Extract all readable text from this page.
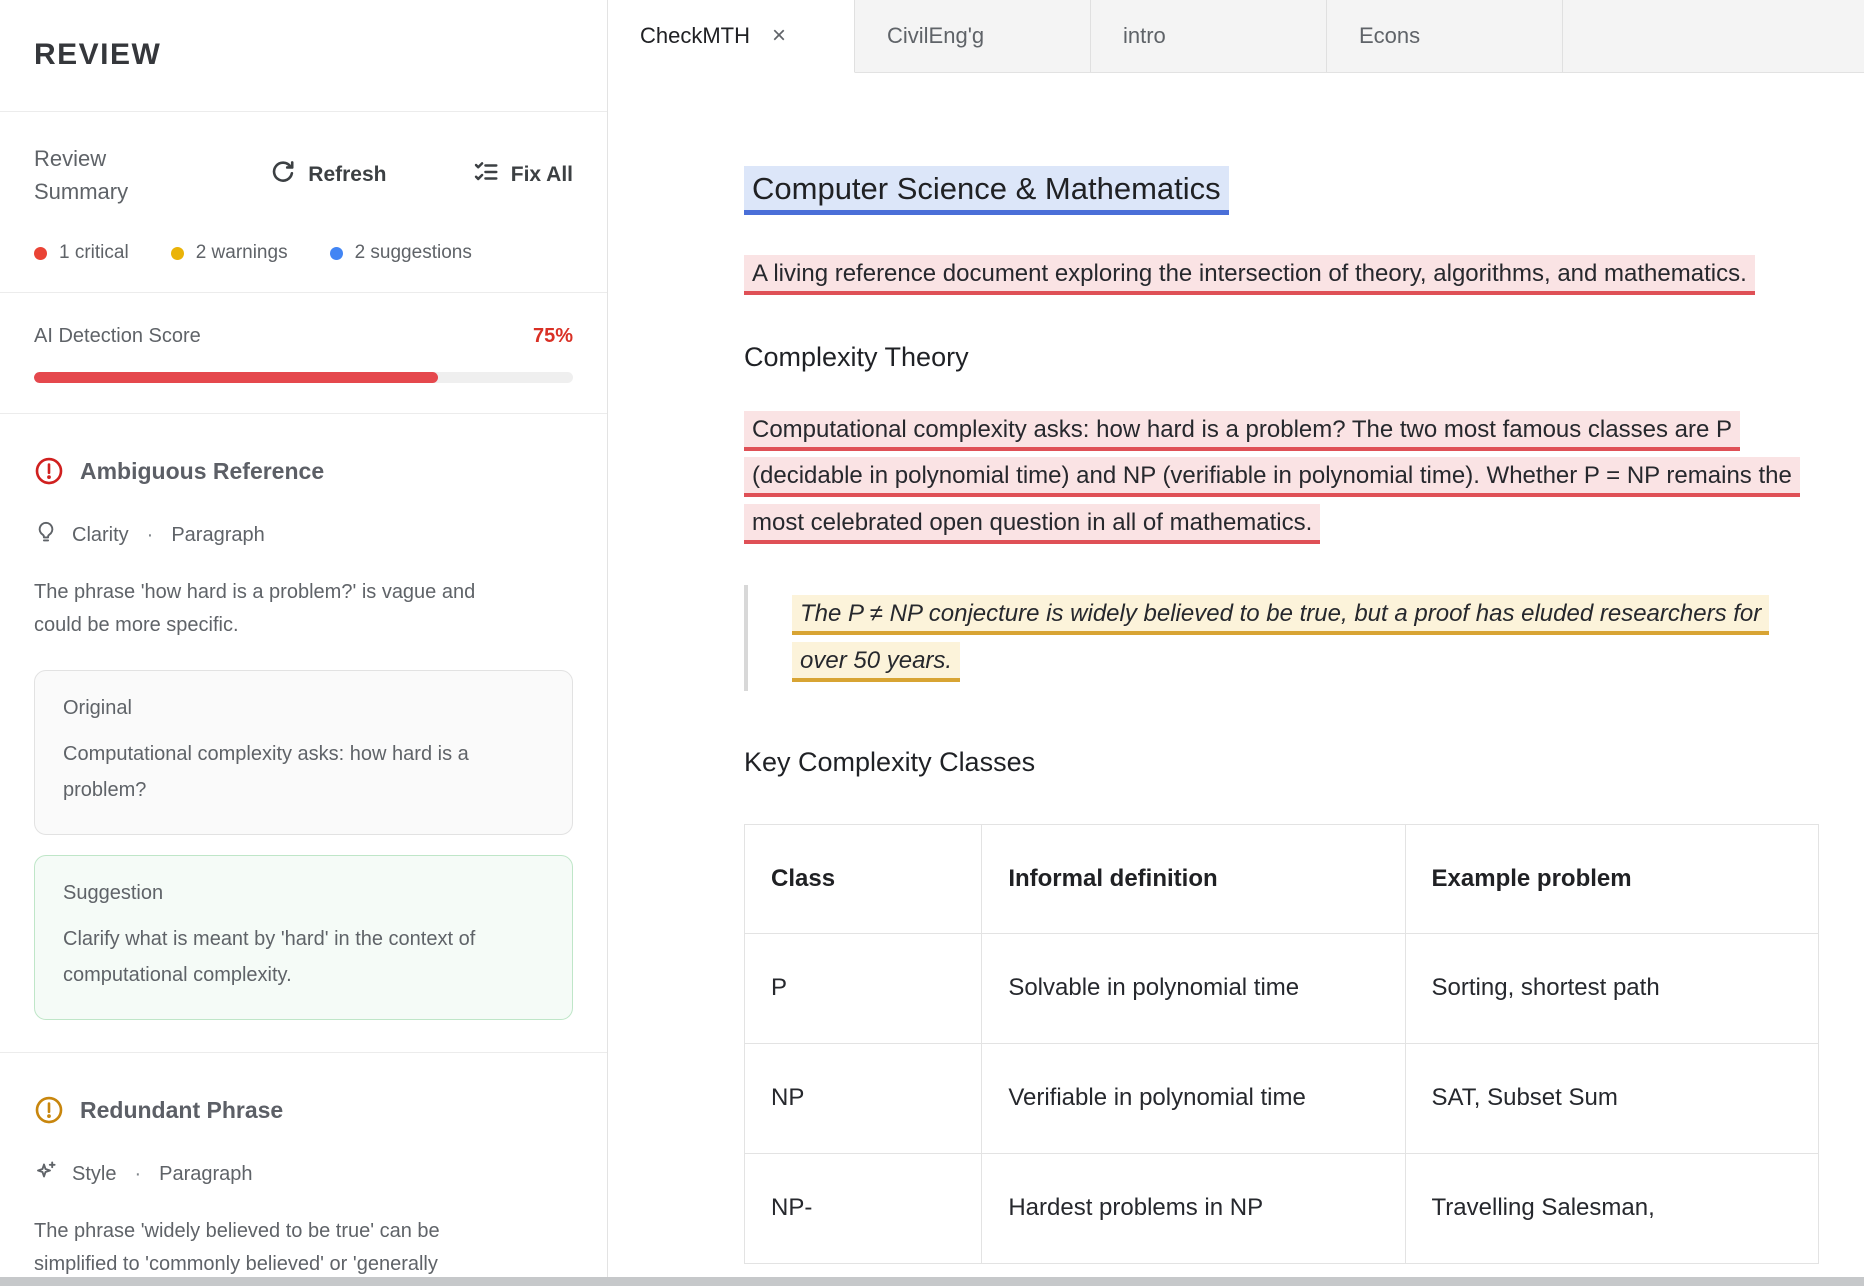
REVIEW
Review Summary
Refresh	Fix All
1 critical	2 warnings	2 suggestions
AI Detection Score	75%
Ambiguous Reference
Clarity · Paragraph
The phrase 'how hard is a problem?' is vague and could be more specific.
Original
Computational complexity asks: how hard is a problem?
Suggestion
Clarify what is meant by 'hard' in the context of computational complexity.
Redundant Phrase
Style · Paragraph
The phrase 'widely believed to be true' can be simplified to 'commonly believed' or 'generally
CheckMTH ×	CivilEng'g	intro	Econs
Computer Science & Mathematics

A living reference document exploring the intersection of theory, algorithms, and mathematics.

Complexity Theory

Computational complexity asks: how hard is a problem? The two most famous classes are P (decidable in polynomial time) and NP (verifiable in polynomial time). Whether P = NP remains the most celebrated open question in all of mathematics.

The P ≠ NP conjecture is widely believed to be true, but a proof has eluded researchers for over 50 years.
Key Complexity Classes
Class	Informal definition	Example problem
P	Solvable in polynomial time	Sorting, shortest path
NP	Verifiable in polynomial time	SAT, Subset Sum
NP-	Hardest problems in NP	Travelling Salesman,
